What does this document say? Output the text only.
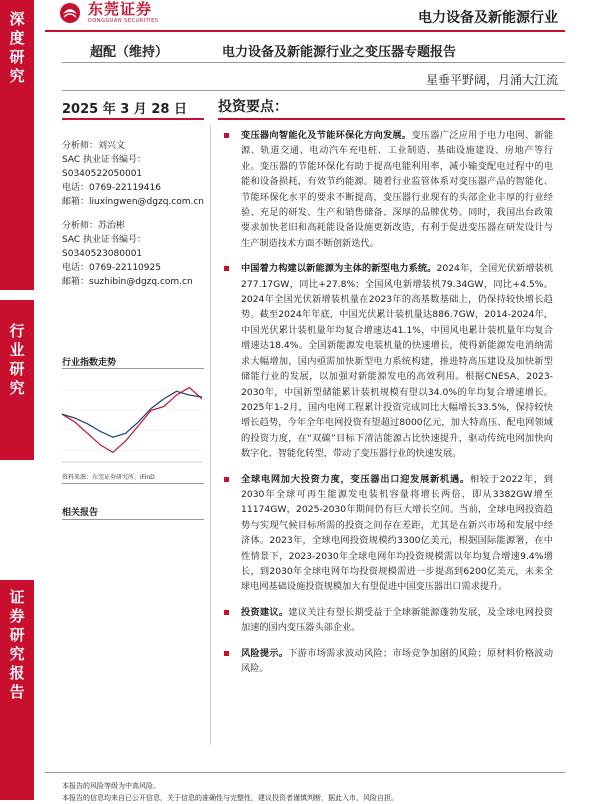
深
度
研
究
行
业
研
究
证
券
研
究
报
告
东莞证券
DONGGUAN SECURITIES	电力设备及新能源行业
超配（维持）	电力设备及新能源行业之变压器专题报告
星垂平野阔，月涌大江流
2025 年 3 月 28 日 投资要点：
分析师：刘兴文
SAC 执业证书编号：
S0340522050001
电话：0769-22119416
邮箱：liuxingwen@dgzq.com.cn
分析师：苏治彬
SAC 执业证书编号：
S0340523080001
电话：0769-22110925
邮箱：suzhibin@dgzq.com.cn
行业指数走势
资料来源：东莞证券研究所，iFinD
相关报告
变压器向智能化及节能环保化方向发展。变压器广泛应用于电力电网、新能源、轨道交通、电动汽车充电桩、工业制造、基础设施建设、房地产等行业。变压器的节能环保化有助于提高电能利用率，减小输变配电过程中的电能和设备损耗，有效节约能源。随着行业监管体系对变压器产品的智能化、节能环保化水平的要求不断提高，变压器行业现有的头部企业丰厚的行业经验、充足的研发、生产和销售储备、深厚的品牌优势。同时，我国出台政策要求加快老旧和高耗能设备设施更新改造，有利于促进变压器在研发设计与生产制造技术方面不断创新迭代。
中国着力构建以新能源为主体的新型电力系统。2024年，全国光伏新增装机277.17GW，同比+27.8%；全国风电新增装机79.34GW，同比+4.5%。2024年全国光伏新增装机量在2023年的高基数基础上，仍保持较快增长趋势。截至2024年年底，中国光伏累计装机量达886.7GW，2014-2024年，中国光伏累计装机量年均复合增速达41.1%，中国风电累计装机量年均复合增速达18.4%。全国新能源发电装机量的快速增长，使得新能源发电消纳需求大幅增加，国内亟需加快新型电力系统构建，推进特高压建设及加快新型储能行业的发展，以加强对新能源发电的高效利用。根据CNESA，2023-2030年，中国新型储能累计装机规模有望以34.0%的年均复合增速增长。2025年1-2月，国内电网工程累计投资完成同比大幅增长33.5%，保持较快增长趋势，今年全年电网投资有望超过8000亿元，加大特高压、配电网领域的投资力度，在“双碳”目标下清洁能源占比快速提升，驱动传统电网加快向数字化、智能化转型，带动了变压器行业的快速发展。
全球电网加大投资力度，变压器出口迎发展新机遇。相较于2022年，到2030年全球可再生能源发电装机容量将增长两倍，即从3382GW增至11174GW，2025-2030年期间仍有巨大增长空间。当前，全球电网投资趋势与实现气候目标所需的投资之间存在差距，尤其是在新兴市场和发展中经济体。2023年，全球电网投资规模约3300亿美元，根据国际能源署，在中性情景下，2023-2030年全球电网年均投资规模需以年均复合增速9.4%增长，到2030年全球电网年均投资规模需进一步提高到6200亿美元，未来全球电网基础设施投资规模加大有望促进中国变压器出口需求提升。
投资建议。建议关注有望长期受益于全球新能源蓬勃发展，及全球电网投资加速的国内变压器头部企业。
风险提示。下游市场需求波动风险；市场竞争加剧的风险；原材料价格波动风险。
本报告的风险等级为中高风险。
本报告的信息均来自已公开信息，关于信息的准确性与完整性，建议投资者谨慎判断，据此入市，风险自担。
